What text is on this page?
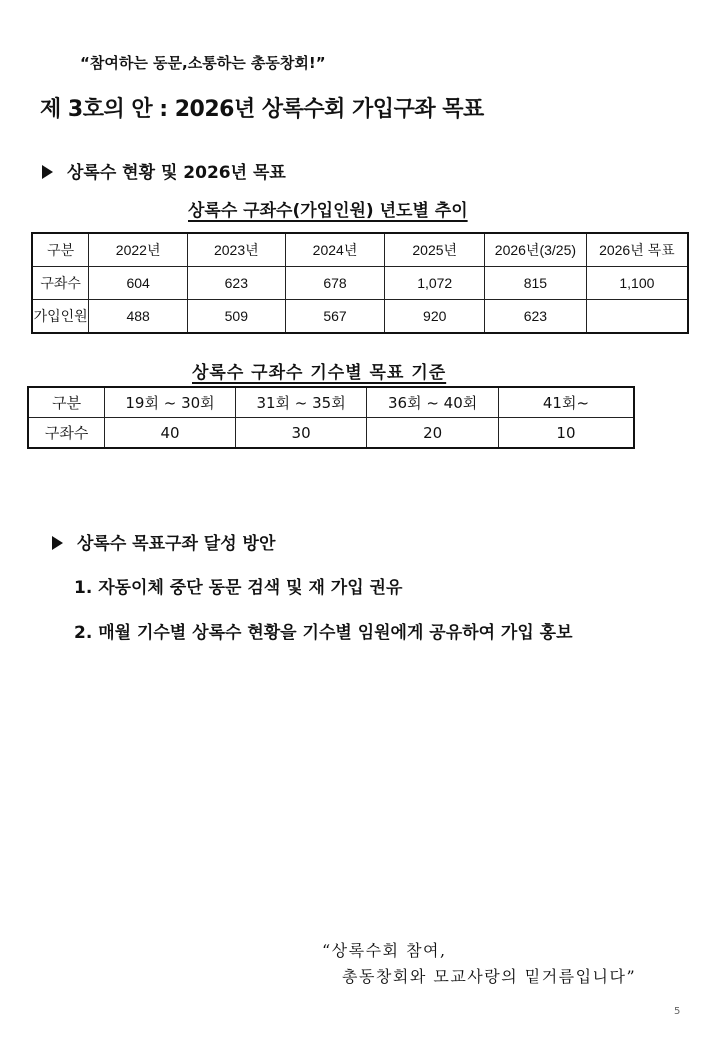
“참여하는 동문,소통하는 총동창회!”
제 3호의 안 : 2026년 상록수회 가입구좌 목표
상록수 현황 및 2026년 목표
상록수 구좌수(가입인원) 년도별 추이
구분	2022년	2023년	2024년	2025년	2026년(3/25)	2026년 목표
구좌수	604	623	678	1,072	815	1,100
가입인원	488	509	567	920	623	
상록수 구좌수 기수별 목표 기준
구분	19회 ~ 30회	31회 ~ 35회	36회 ~ 40회	41회~
구좌수	40	30	20	10
상록수 목표구좌 달성 방안
1. 자동이체 중단 동문 검색 및 재 가입 권유
2. 매월 기수별 상록수 현황을 기수별 임원에게 공유하여 가입 홍보
“상록수회 참여,
총동창회와 모교사랑의 밑거름입니다”
5
